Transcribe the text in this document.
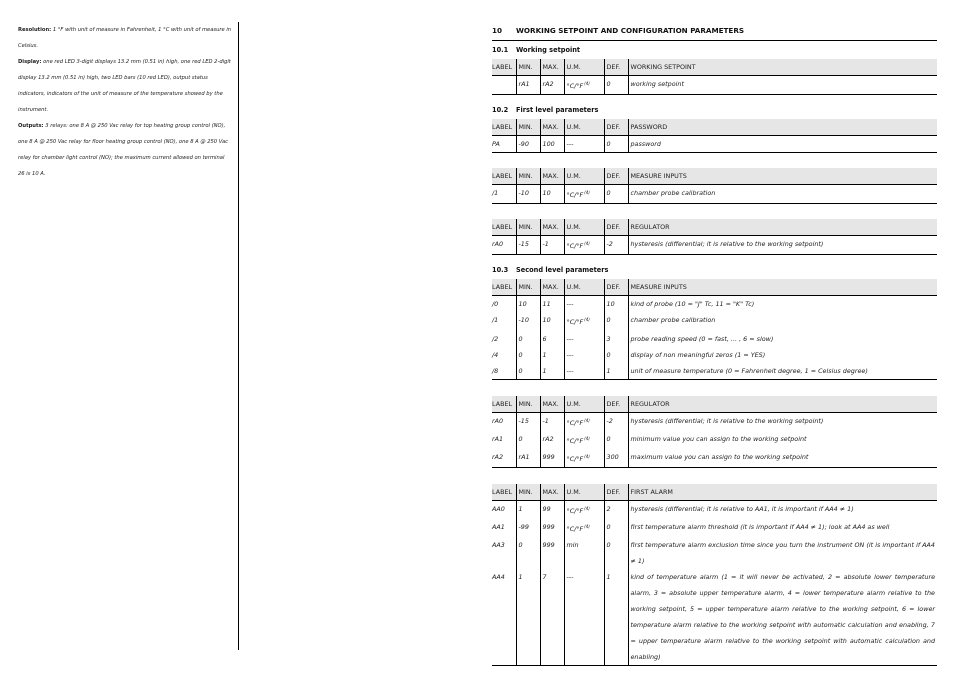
Resolution: 1 °F with unit of measure in Fahrenheit, 1 °C with unit of measure in Celsius.

Display: one red LED 3-digit displays 13.2 mm (0.51 in) high, one red LED 2-digit display 13.2 mm (0.51 in) high, two LED bars (10 red LED), output status indicators, indicators of the unit of measure of the temperature showed by the instrument.

Outputs: 3 relays: one 8 A @ 250 Vac relay for top heating group control (NO), one 8 A @ 250 Vac relay for floor heating group control (NO), one 8 A @ 250 Vac relay for chamber light control (NO); the maximum current allowed on terminal 26 is 10 A.

10 WORKING SETPOINT AND CONFIGURATION PARAMETERS
10.1 Working setpoint
LABEL	MIN.	MAX.	U.M.	DEF.	WORKING SETPOINT
	rA1	rA2	$^\circ C/^\circ F^{(4)}$	0	working setpoint
10.2 First level parameters
LABEL	MIN.	MAX.	U.M.	DEF.	PASSWORD
PA	-90	100	---	0	password
LABEL	MIN.	MAX.	U.M.	DEF.	MEASURE INPUTS
/1	-10	10	$^\circ C/^\circ F^{(4)}$	0	chamber probe calibration
LABEL	MIN.	MAX.	U.M.	DEF.	REGULATOR
rA0	-15	-1	$^\circ C/^\circ F^{(4)}$	-2	hysteresis (differential; it is relative to the working setpoint)
10.3 Second level parameters
LABEL	MIN.	MAX.	U.M.	DEF.	MEASURE INPUTS
/0	10	11	---	10	kind of probe (10 = "J" Tc, 11 = "K" Tc)
/1	-10	10	$^\circ C/^\circ F^{(4)}$	0	chamber probe calibration
/2	0	6	---	3	probe reading speed (0 = fast, ... , 6 = slow)
/4	0	1	---	0	display of non meaningful zeros (1 = YES)
/8	0	1	---	1	unit of measure temperature (0 = Fahrenheit degree, 1 = Celsius degree)
LABEL	MIN.	MAX.	U.M.	DEF.	REGULATOR
rA0	-15	-1	$^\circ C/^\circ F^{(4)}$	-2	hysteresis (differential; it is relative to the working setpoint)
rA1	0	rA2	$^\circ C/^\circ F^{(4)}$	0	minimum value you can assign to the working setpoint
rA2	rA1	999	$^\circ C/^\circ F^{(4)}$	300	maximum value you can assign to the working setpoint
LABEL	MIN.	MAX.	U.M.	DEF.	FIRST ALARM
AA0	1	99	$^\circ C/^\circ F^{(4)}$	2	hysteresis (differential; it is relative to AA1, it is important if AA4 ≠ 1)
AA1	-99	999	$^\circ C/^\circ F^{(4)}$	0	first temperature alarm threshold (it is important if AA4 ≠ 1); look at AA4 as well
AA3	0	999	min	0	first temperature alarm exclusion time since you turn the instrument ON (it is important if AA4 ≠ 1)
AA4	1	7	---	1	kind of temperature alarm (1 = it will never be activated, 2 = absolute lower temperature alarm, 3 = absolute upper temperature alarm, 4 = lower temperature alarm relative to the working setpoint, 5 = upper temperature alarm relative to the working setpoint, 6 = lower temperature alarm relative to the working setpoint with automatic calculation and enabling, 7 = upper temperature alarm relative to the working setpoint with automatic calculation and enabling)
